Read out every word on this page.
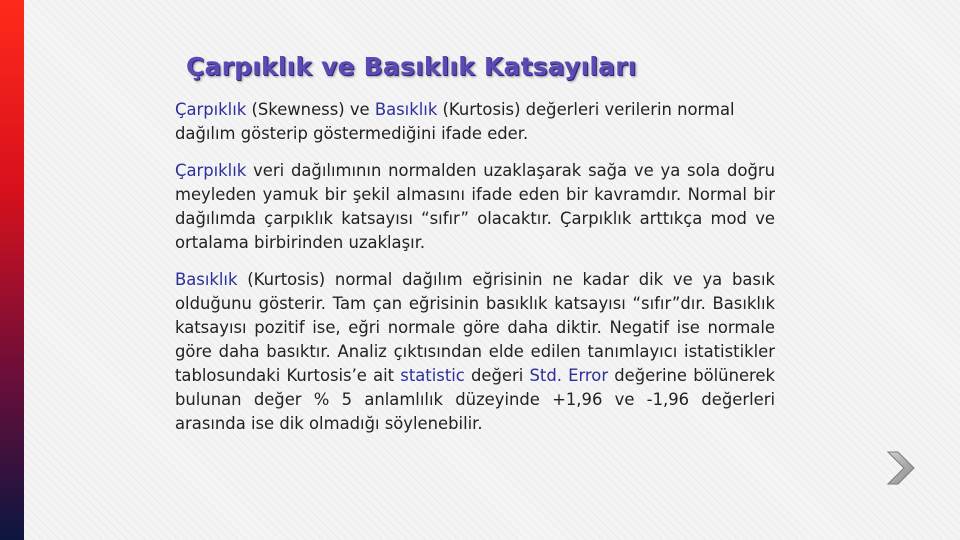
Çarpıklık ve Basıklık Katsayıları

Çarpıklık (Skewness) ve Basıklık (Kurtosis) değerleri verilerin normal dağılım gösterip göstermediğini ifade eder.

Çarpıklık veri dağılımının normalden uzaklaşarak sağa ve ya sola doğru meyleden yamuk bir şekil almasını ifade eden bir kavramdır. Normal bir dağılımda çarpıklık katsayısı “sıfır” olacaktır. Çarpıklık arttıkça mod ve ortalama birbirinden uzaklaşır.

Basıklık (Kurtosis) normal dağılım eğrisinin ne kadar dik ve ya basık olduğunu gösterir. Tam çan eğrisinin basıklık katsayısı “sıfır”dır. Basıklık katsayısı pozitif ise, eğri normale göre daha diktir. Negatif ise normale göre daha basıktır. Analiz çıktısından elde edilen tanımlayıcı istatistikler tablosundaki Kurtosis’e ait statistic değeri Std. Error değerine bölünerek bulunan değer % 5 anlamlılık düzeyinde +1,96 ve -1,96 değerleri arasında ise dik olmadığı söylenebilir.
